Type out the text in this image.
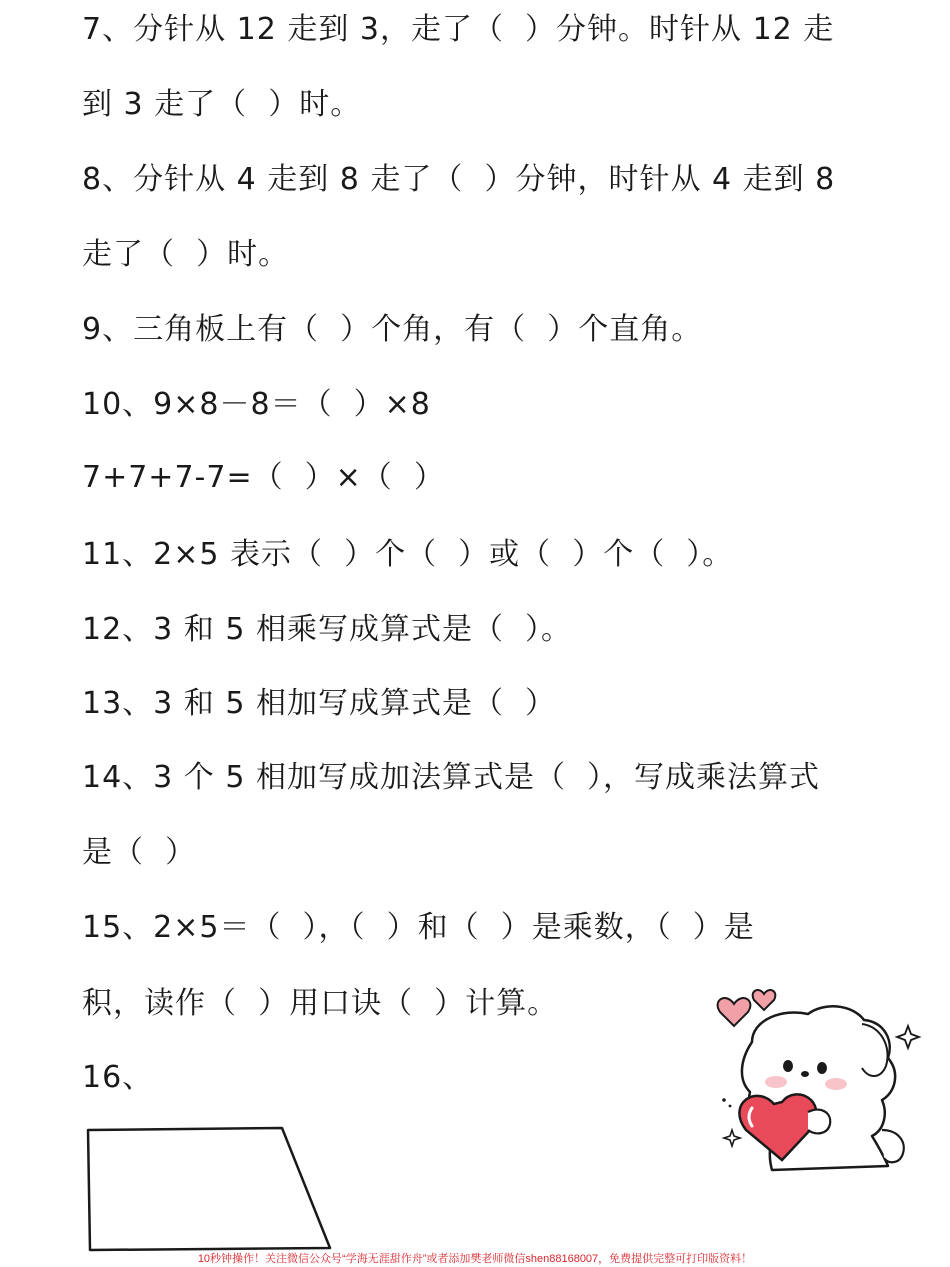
7、分针从 12 走到 3，走了（  ）分钟。时针从 12 走
到 3 走了（  ）时。
8、分针从 4 走到 8 走了（  ）分钟，时针从 4 走到 8
走了（  ）时。
9、三角板上有（  ）个角，有（  ）个直角。
10、9×8－8＝（  ）×8
7+7+7-7=（  ）×（  ）
11、2×5 表示（  ）个（  ）或（  ）个（  ）。
12、3 和 5 相乘写成算式是（  ）。
13、3 和 5 相加写成算式是（  ）
14、3 个 5 相加写成加法算式是（  ），写成乘法算式
是（  ）
15、2×5＝（  ），（  ）和（  ）是乘数，（  ）是
积，读作（  ）用口诀（  ）计算。
16、
10秒钟操作！关注微信公众号“学海无涯甜作舟”或者添加樊老师微信shen88168007，免费提供完整可打印版资料！
